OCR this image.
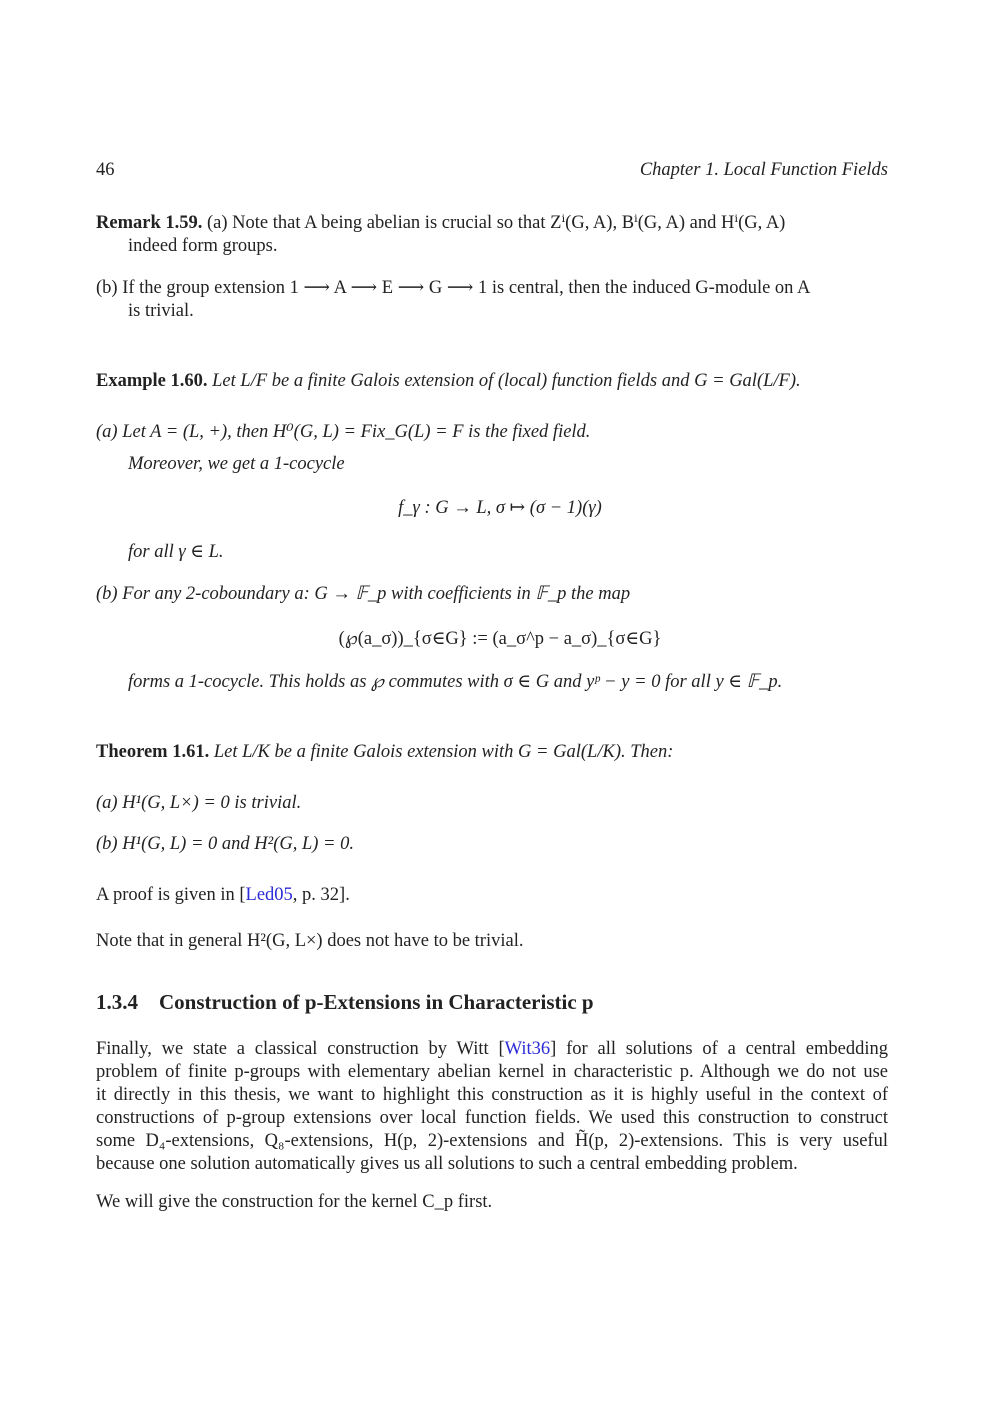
46	Chapter 1. Local Function Fields
Remark 1.59. (a) Note that A being abelian is crucial so that Zⁱ(G, A), Bⁱ(G, A) and Hⁱ(G, A)
indeed form groups.
(b) If the group extension 1 ⟶ A ⟶ E ⟶ G ⟶ 1 is central, then the induced G-module on A
is trivial.
Example 1.60. Let L/F be a finite Galois extension of (local) function fields and G = Gal(L/F).
(a) Let A = (L, +), then H⁰(G, L) = Fix_G(L) = F is the fixed field.
Moreover, we get a 1-cocycle
f_γ : G → L, σ ↦ (σ − 1)(γ)
for all γ ∈ L.
(b) For any 2-coboundary a: G → 𝔽_p with coefficients in 𝔽_p the map
(℘(a_σ))_{σ∈G} := (a_σ^p − a_σ)_{σ∈G}
forms a 1-cocycle. This holds as ℘ commutes with σ ∈ G and yᵖ − y = 0 for all y ∈ 𝔽_p.
Theorem 1.61. Let L/K be a finite Galois extension with G = Gal(L/K). Then:
(a) H¹(G, L×) = 0 is trivial.
(b) H¹(G, L) = 0 and H²(G, L) = 0.
A proof is given in [Led05, p. 32].
Note that in general H²(G, L×) does not have to be trivial.
1.3.4 Construction of p-Extensions in Characteristic p
Finally, we state a classical construction by Witt [Wit36] for all solutions of a central embedding
problem of finite p-groups with elementary abelian kernel in characteristic p. Although we do not use
it directly in this thesis, we want to highlight this construction as it is highly useful in the context of
constructions of p-group extensions over local function fields. We used this construction to construct
some D₄-extensions, Q₈-extensions, H(p, 2)-extensions and H̃(p, 2)-extensions. This is very useful
because one solution automatically gives us all solutions to such a central embedding problem.
We will give the construction for the kernel C_p first.
